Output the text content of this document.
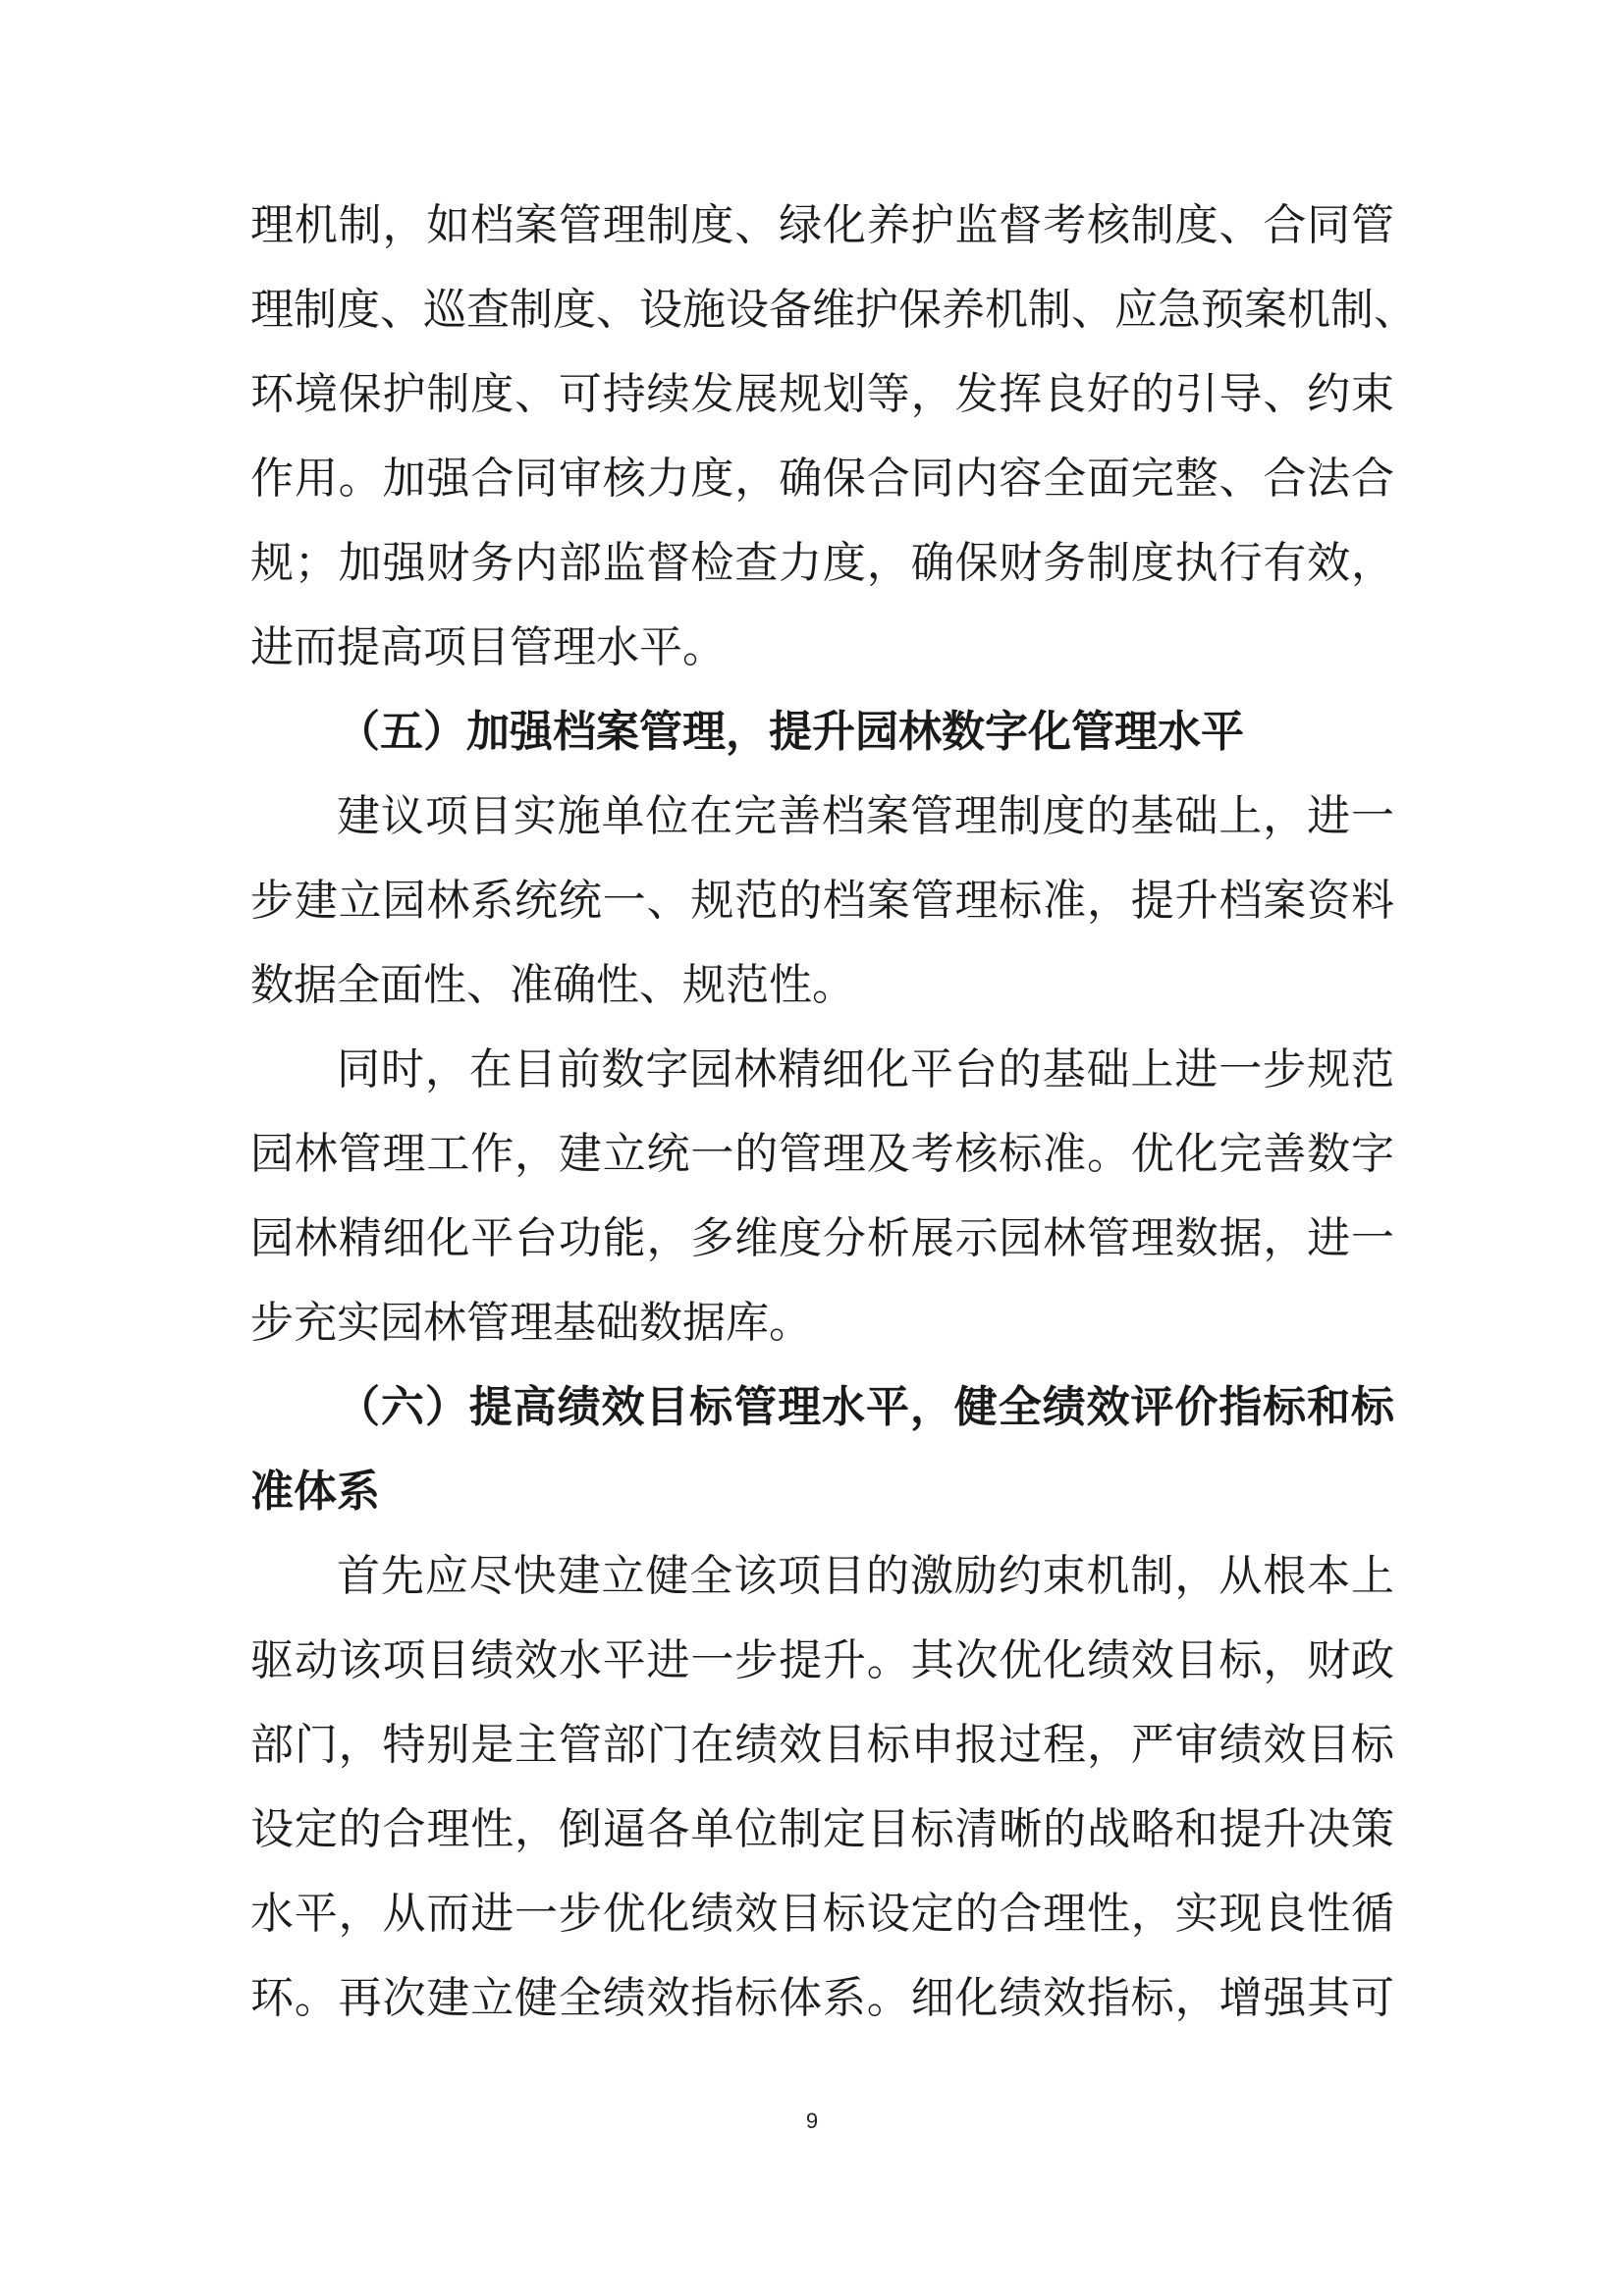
理机制，如档案管理制度、绿化养护监督考核制度、合同管
理制度、巡查制度、设施设备维护保养机制、应急预案机制、
环境保护制度、可持续发展规划等，发挥良好的引导、约束
作用。加强合同审核力度，确保合同内容全面完整、合法合
规；加强财务内部监督检查力度，确保财务制度执行有效，
进而提高项目管理水平。
（五）加强档案管理，提升园林数字化管理水平
建议项目实施单位在完善档案管理制度的基础上，进一
步建立园林系统统一、规范的档案管理标准，提升档案资料
数据全面性、准确性、规范性。
同时，在目前数字园林精细化平台的基础上进一步规范
园林管理工作，建立统一的管理及考核标准。优化完善数字
园林精细化平台功能，多维度分析展示园林管理数据，进一
步充实园林管理基础数据库。
（六）提高绩效目标管理水平，健全绩效评价指标和标
准体系
首先应尽快建立健全该项目的激励约束机制，从根本上
驱动该项目绩效水平进一步提升。其次优化绩效目标，财政
部门，特别是主管部门在绩效目标申报过程，严审绩效目标
设定的合理性，倒逼各单位制定目标清晰的战略和提升决策
水平，从而进一步优化绩效目标设定的合理性，实现良性循
环。再次建立健全绩效指标体系。细化绩效指标，增强其可
9
